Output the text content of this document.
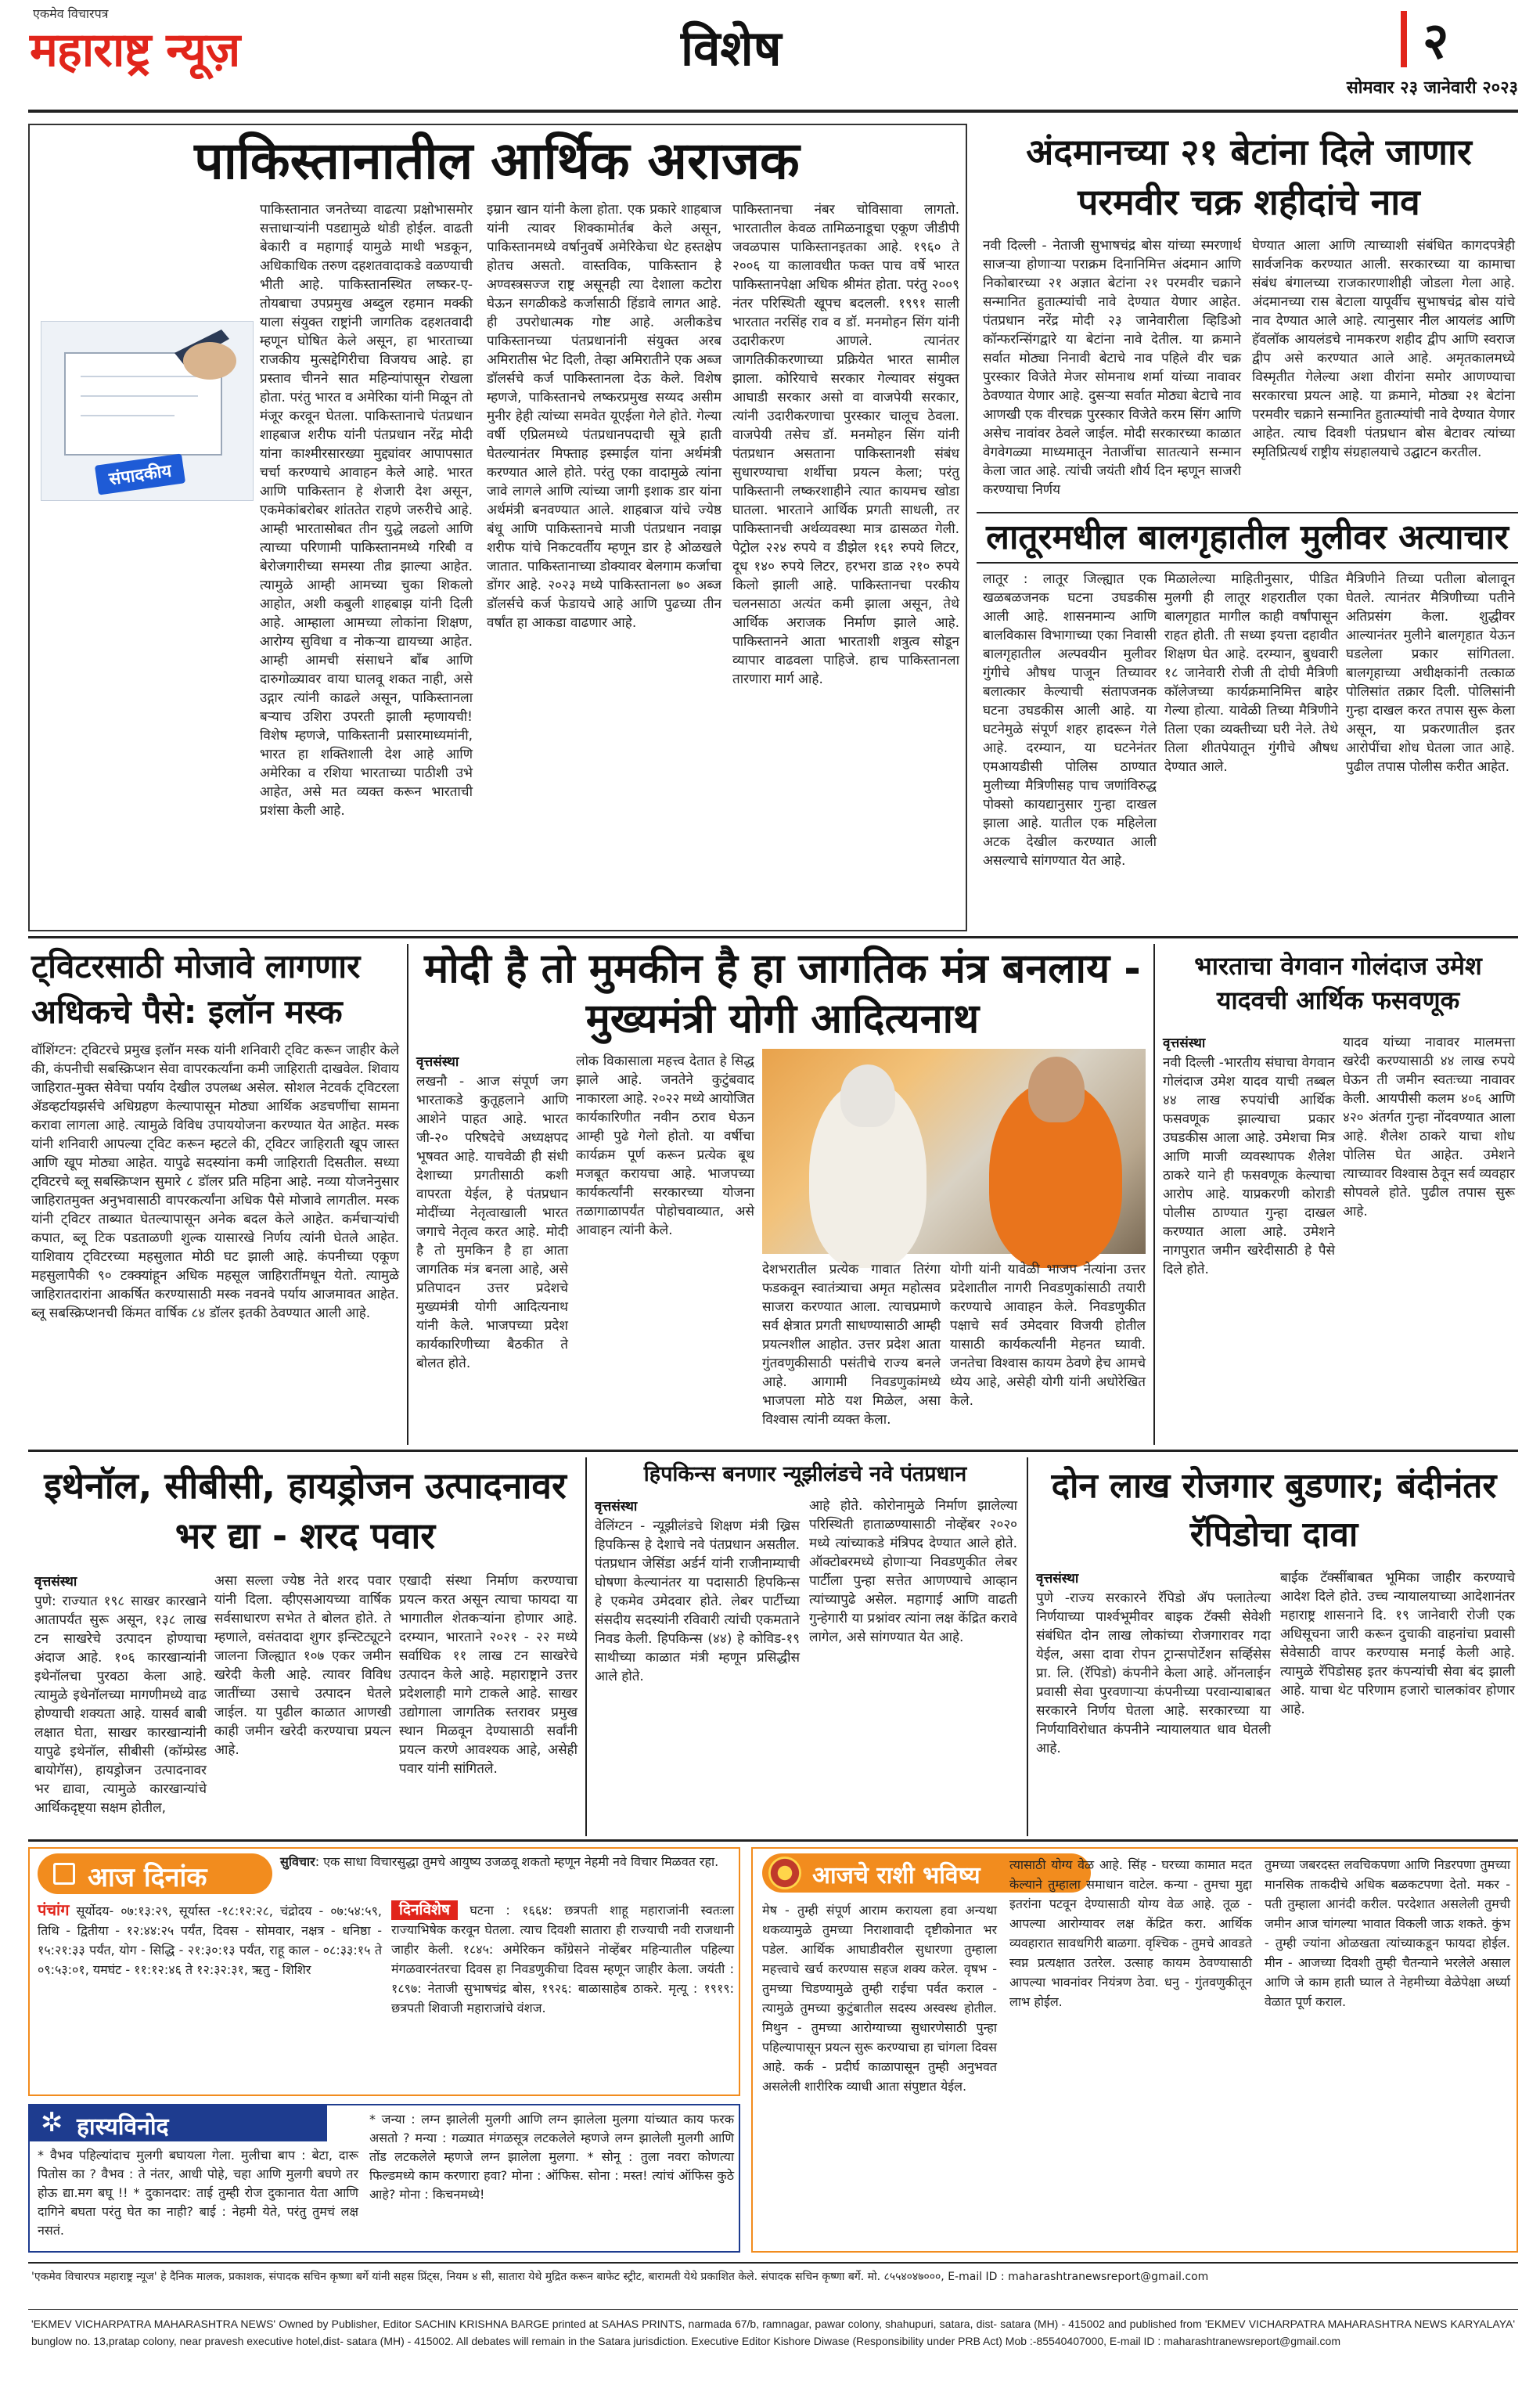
एकमेव विचारपत्र
महाराष्ट्र न्यूज़	विशेष	२
सोमवार २३ जानेवारी २०२३
पाकिस्तानातील आर्थिक अराजक
संपादकीय
पाकिस्तानात जनतेच्या वाढत्या प्रक्षोभासमोर सत्ताधाऱ्यांनी पडद्यामुळे थोडी होईल. वाढती बेकारी व महागाई यामुळे माथी भडकून, अधिकाधिक तरुण दहशतवादाकडे वळण्याची भीती आहे. पाकिस्तानस्थित लष्कर-ए-तोयबाचा उपप्रमुख अब्दुल रहमान मक्की याला संयुक्त राष्ट्रांनी जागतिक दहशतवादी म्हणून घोषित केले असून, हा भारताच्या राजकीय मुत्सद्देगिरीचा विजयच आहे. हा प्रस्ताव चीनने सात महिन्यांपासून रोखला होता. परंतु भारत व अमेरिका यांनी मिळून तो मंजूर करवून घेतला. पाकिस्तानाचे पंतप्रधान शाहबाज शरीफ यांनी पंतप्रधान नरेंद्र मोदी यांना काश्मीरसारख्या मुद्द्यांवर आपापसात चर्चा करण्याचे आवाहन केले आहे. भारत आणि पाकिस्तान हे शेजारी देश असून, एकमेकांबरोबर शांततेत राहणे जरुरीचे आहे. आम्ही भारतासोबत तीन युद्धे लढलो आणि त्याच्या परिणामी पाकिस्तानमध्ये गरिबी व बेरोजगारीच्या समस्या तीव्र झाल्या आहेत. त्यामुळे आम्ही आमच्या चुका शिकलो आहोत, अशी कबुली शाहबाझ यांनी दिली आहे. आम्हाला आमच्या लोकांना शिक्षण, आरोग्य सुविधा व नोकऱ्या द्यायच्या आहेत. आम्ही आमची संसाधने बॉंब आणि दारुगोळ्यावर वाया घालवू शकत नाही, असे उद्गार त्यांनी काढले असून, पाकिस्तानला बऱ्याच उशिरा उपरती झाली म्हणायची! विशेष म्हणजे, पाकिस्तानी प्रसारमाध्यमांनी, भारत हा शक्तिशाली देश आहे आणि अमेरिका व रशिया भारताच्या पाठीशी उभे आहेत, असे मत व्यक्त करून भारताची प्रशंसा केली आहे.
इम्रान खान यांनी केला होता. एक प्रकारे शाहबाज यांनी त्यावर शिक्कामोर्तब केले असून, पाकिस्तानमध्ये वर्षानुवर्षे अमेरिकेचा थेट हस्तक्षेप होतच असतो. वास्तविक, पाकिस्तान हे अण्वस्त्रसज्ज राष्ट्र असूनही त्या देशाला कटोरा घेऊन सगळीकडे कर्जासाठी हिंडावे लागत आहे. ही उपरोधात्मक गोष्ट आहे. अलीकडेच पाकिस्तानच्या पंतप्रधानांनी संयुक्त अरब अमिरातीस भेट दिली, तेव्हा अमिरातीने एक अब्ज डॉलर्सचे कर्ज पाकिस्तानला देऊ केले. विशेष म्हणजे, पाकिस्तानचे लष्करप्रमुख सय्यद असीम मुनीर हेही त्यांच्या समवेत यूएईला गेले होते. गेल्या वर्षी एप्रिलमध्ये पंतप्रधानपदाची सूत्रे हाती घेतल्यानंतर मिफ्ताह इस्माईल यांना अर्थमंत्री करण्यात आले होते. परंतु एका वादामुळे त्यांना जावे लागले आणि त्यांच्या जागी इशाक डार यांना अर्थमंत्री बनवण्यात आले. शाहबाज यांचे ज्येष्ठ बंधू आणि पाकिस्तानचे माजी पंतप्रधान नवाझ शरीफ यांचे निकटवर्तीय म्हणून डार हे ओळखले जातात. पाकिस्तानाच्या डोक्यावर बेलगाम कर्जाचा डोंगर आहे. २०२३ मध्ये पाकिस्तानला ७० अब्ज डॉलर्सचे कर्ज फेडायचे आहे आणि पुढच्या तीन वर्षांत हा आकडा वाढणार आहे.
पाकिस्तानचा नंबर चोविसावा लागतो. भारतातील केवळ तामिळनाडूचा एकूण जीडीपी जवळपास पाकिस्तानइतका आहे. १९६० ते २००६ या कालावधीत फक्त पाच वर्षे भारत पाकिस्तानपेक्षा अधिक श्रीमंत होता. परंतु २००९ नंतर परिस्थिती खूपच बदलली. १९९१ साली भारतात नरसिंह राव व डॉ. मनमोहन सिंग यांनी उदारीकरण आणले. त्यानंतर जागतिकीकरणाच्या प्रक्रियेत भारत सामील झाला. कोरियाचे सरकार गेल्यावर संयुक्त आघाडी सरकार असो वा वाजपेयी सरकार, त्यांनी उदारीकरणाचा पुरस्कार चालूच ठेवला. वाजपेयी तसेच डॉ. मनमोहन सिंग यांनी पंतप्रधान असताना पाकिस्तानशी संबंध सुधारण्याचा शर्थीचा प्रयत्न केला; परंतु पाकिस्तानी लष्करशाहीने त्यात कायमच खोडा घातला. भारताने आर्थिक प्रगती साधली, तर पाकिस्तानची अर्थव्यवस्था मात्र ढासळत गेली. पेट्रोल २२४ रुपये व डीझेल १६१ रुपये लिटर, दूध १४० रुपये लिटर, हरभरा डाळ २१० रुपये किलो झाली आहे. पाकिस्तानचा परकीय चलनसाठा अत्यंत कमी झाला असून, तेथे आर्थिक अराजक निर्माण झाले आहे. पाकिस्तानने आता भारताशी शत्रुत्व सोडून व्यापार वाढवला पाहिजे. हाच पाकिस्तानला तारणारा मार्ग आहे.
अंदमानच्या २१ बेटांना दिले जाणार परमवीर चक्र शहीदांचे नाव
नवी दिल्ली - नेताजी सुभाषचंद्र बोस यांच्या स्मरणार्थ साजऱ्या होणाऱ्या पराक्रम दिनानिमित्त अंदमान आणि निकोबारच्या २१ अज्ञात बेटांना २१ परमवीर चक्राने सन्मानित हुतात्म्यांची नावे देण्यात येणार आहेत. पंतप्रधान नरेंद्र मोदी २३ जानेवारीला व्हिडिओ कॉन्फरन्सिंगद्वारे या बेटांना नावे देतील. या क्रमाने सर्वात मोठ्या निनावी बेटाचे नाव पहिले वीर चक्र पुरस्कार विजेते मेजर सोमनाथ शर्मा यांच्या नावावर ठेवण्यात येणार आहे. दुसऱ्या सर्वात मोठ्या बेटाचे नाव आणखी एक वीरचक्र पुरस्कार विजेते करम सिंग आणि असेच नावांवर ठेवले जाईल. मोदी सरकारच्या काळात वेगवेगळ्या माध्यमातून नेताजींचा सातत्याने सन्मान केला जात आहे. त्यांची जयंती शौर्य दिन म्हणून साजरी करण्याचा निर्णय
घेण्यात आला आणि त्याच्याशी संबंधित कागदपत्रेही सार्वजनिक करण्यात आली. सरकारच्या या कामाचा संबंध बंगालच्या राजकारणाशीही जोडला गेला आहे. अंदमानच्या रास बेटाला यापूर्वीच सुभाषचंद्र बोस यांचे नाव देण्यात आले आहे. त्यानुसार नील आयलंड आणि हॅवलॉक आयलंडचे नामकरण शहीद द्वीप आणि स्वराज द्वीप असे करण्यात आले आहे. अमृतकालमध्ये विस्मृतीत गेलेल्या अशा वीरांना समोर आणण्याचा सरकारचा प्रयत्न आहे. या क्रमाने, मोठ्या २१ बेटांना परमवीर चक्राने सन्मानित हुतात्म्यांची नावे देण्यात येणार आहेत. त्याच दिवशी पंतप्रधान बोस बेटावर त्यांच्या स्मृतिप्रित्यर्थ राष्ट्रीय संग्रहालयाचे उद्घाटन करतील.
लातूरमधील बालगृहातील मुलीवर अत्याचार
लातूर : लातूर जिल्ह्यात एक खळबळजनक घटना उघडकीस आली आहे. शासनमान्य आणि बालविकास विभागाच्या एका निवासी बालगृहातील अल्पवयीन मुलीवर गुंगीचे औषध पाजून तिच्यावर बलात्कार केल्याची संतापजनक घटना उघडकीस आली आहे. या घटनेमुळे संपूर्ण शहर हादरून गेले आहे. दरम्यान, या घटनेनंतर एमआयडीसी पोलिस ठाण्यात मुलीच्या मैत्रिणीसह पाच जणांविरुद्ध पोक्सो कायद्यानुसार गुन्हा दाखल झाला आहे. यातील एक महिलेला अटक देखील करण्यात आली असल्याचे सांगण्यात येत आहे.
मिळालेल्या माहितीनुसार, पीडित मुलगी ही लातूर शहरातील एका बालगृहात मागील काही वर्षांपासून राहत होती. ती सध्या इयत्ता दहावीत शिक्षण घेत आहे. दरम्यान, बुधवारी १८ जानेवारी रोजी ती दोघी मैत्रिणी कॉलेजच्या कार्यक्रमानिमित्त बाहेर गेल्या होत्या. यावेळी तिच्या मैत्रिणीने तिला एका व्यक्तीच्या घरी नेले. तेथे तिला शीतपेयातून गुंगीचे औषध देण्यात आले.
मैत्रिणीने तिच्या पतीला बोलावून घेतले. त्यानंतर मैत्रिणीच्या पतीने अतिप्रसंग केला. शुद्धीवर आल्यानंतर मुलीने बालगृहात येऊन घडलेला प्रकार सांगितला. बालगृहाच्या अधीक्षकांनी तत्काळ पोलिसांत तक्रार दिली. पोलिसांनी गुन्हा दाखल करत तपास सुरू केला असून, या प्रकरणातील इतर आरोपींचा शोध घेतला जात आहे. पुढील तपास पोलीस करीत आहेत.
ट्विटरसाठी मोजावे लागणार अधिकचे पैसे: इलॉन मस्क
वॉशिंग्टन: ट्विटरचे प्रमुख इलॉन मस्क यांनी शनिवारी ट्विट करून जाहीर केले की, कंपनीची सबस्क्रिप्शन सेवा वापरकर्त्यांना कमी जाहिराती दाखवेल. शिवाय जाहिरात-मुक्त सेवेचा पर्याय देखील उपलब्ध असेल. सोशल नेटवर्क ट्विटरला ॲडव्हर्टायझर्सचे अधिग्रहण केल्यापासून मोठ्या आर्थिक अडचणींचा सामना करावा लागला आहे. त्यामुळे विविध उपाययोजना करण्यात येत आहेत. मस्क यांनी शनिवारी आपल्या ट्विट करून म्हटले की, ट्विटर जाहिराती खूप जास्त आणि खूप मोठ्या आहेत. यापुढे सदस्यांना कमी जाहिराती दिसतील. सध्या ट्विटरचे ब्लू सबस्क्रिप्शन सुमारे ८ डॉलर प्रति महिना आहे. नव्या योजनेनुसार जाहिरातमुक्त अनुभवासाठी वापरकर्त्यांना अधिक पैसे मोजावे लागतील. मस्क यांनी ट्विटर ताब्यात घेतल्यापासून अनेक बदल केले आहेत. कर्मचाऱ्यांची कपात, ब्लू टिक पडताळणी शुल्क यासारखे निर्णय त्यांनी घेतले आहेत. याशिवाय ट्विटरच्या महसुलात मोठी घट झाली आहे. कंपनीच्या एकूण महसुलापैकी ९० टक्क्यांहून अधिक महसूल जाहिरातींमधून येतो. त्यामुळे जाहिरातदारांना आकर्षित करण्यासाठी मस्क नवनवे पर्याय आजमावत आहेत. ब्लू सबस्क्रिप्शनची किंमत वार्षिक ८४ डॉलर इतकी ठेवण्यात आली आहे.
मोदी है तो मुमकीन है हा जागतिक मंत्र बनलाय - मुख्यमंत्री योगी आदित्यनाथ
वृत्तसंस्था
लखनौ - आज संपूर्ण जग भारताकडे कुतूहलाने आणि आशेने पाहत आहे. भारत जी-२० परिषदेचे अध्यक्षपद भूषवत आहे. याचवेळी ही संधी देशाच्या प्रगतीसाठी कशी वापरता येईल, हे पंतप्रधान मोदींच्या नेतृत्वाखाली भारत जगाचे नेतृत्व करत आहे. मोदी है तो मुमकिन है हा आता जागतिक मंत्र बनला आहे, असे प्रतिपादन उत्तर प्रदेशचे मुख्यमंत्री योगी आदित्यनाथ यांनी केले. भाजपच्या प्रदेश कार्यकारिणीच्या बैठकीत ते बोलत होते.
लोक विकासाला महत्त्व देतात हे सिद्ध झाले आहे. जनतेने कुटुंबवाद नाकारला आहे. २०२२ मध्ये आयोजित कार्यकारिणीत नवीन ठराव घेऊन आम्ही पुढे गेलो होतो. या वर्षीचा कार्यक्रम पूर्ण करून प्रत्येक बूथ मजबूत करायचा आहे. भाजपच्या कार्यकर्त्यांनी सरकारच्या योजना तळागाळापर्यंत पोहोचवाव्यात, असे आवाहन त्यांनी केले.
देशभरातील प्रत्येक गावात तिरंगा फडकवून स्वातंत्र्याचा अमृत महोत्सव साजरा करण्यात आला. त्याचप्रमाणे सर्व क्षेत्रात प्रगती साधण्यासाठी आम्ही प्रयत्नशील आहोत. उत्तर प्रदेश आता गुंतवणुकीसाठी पसंतीचे राज्य बनले आहे. आगामी निवडणुकांमध्ये भाजपला मोठे यश मिळेल, असा विश्वास त्यांनी व्यक्त केला.
योगी यांनी यावेळी भाजप नेत्यांना उत्तर प्रदेशातील नागरी निवडणुकांसाठी तयारी करण्याचे आवाहन केले. निवडणुकीत पक्षाचे सर्व उमेदवार विजयी होतील यासाठी कार्यकर्त्यांनी मेहनत घ्यावी. जनतेचा विश्वास कायम ठेवणे हेच आमचे ध्येय आहे, असेही योगी यांनी अधोरेखित केले.
भारताचा वेगवान गोलंदाज उमेश यादवची आर्थिक फसवणूक
वृत्तसंस्था
नवी दिल्ली -भारतीय संघाचा वेगवान गोलंदाज उमेश यादव याची तब्बल ४४ लाख रुपयांची आर्थिक फसवणूक झाल्याचा प्रकार उघडकीस आला आहे. उमेशचा मित्र आणि माजी व्यवस्थापक शैलेश ठाकरे याने ही फसवणूक केल्याचा आरोप आहे. याप्रकरणी कोराडी पोलीस ठाण्यात गुन्हा दाखल करण्यात आला आहे. उमेशने नागपुरात जमीन खरेदीसाठी हे पैसे दिले होते.
यादव यांच्या नावावर मालमत्ता खरेदी करण्यासाठी ४४ लाख रुपये घेऊन ती जमीन स्वतःच्या नावावर केली. आयपीसी कलम ४०६ आणि ४२० अंतर्गत गुन्हा नोंदवण्यात आला आहे. शैलेश ठाकरे याचा शोध पोलिस घेत आहेत. उमेशने त्याच्यावर विश्वास ठेवून सर्व व्यवहार सोपवले होते. पुढील तपास सुरू आहे.
इथेनॉल, सीबीसी, हायड्रोजन उत्पादनावर भर द्या - शरद पवार
वृत्तसंस्था
पुणे: राज्यात १९८ साखर कारखाने आतापर्यंत सुरू असून, १३८ लाख टन साखरेचे उत्पादन होण्याचा अंदाज आहे. १०६ कारखान्यांनी इथेनॉलचा पुरवठा केला आहे. त्यामुळे इथेनॉलच्या मागणीमध्ये वाढ होण्याची शक्यता आहे. यासर्व बाबी लक्षात घेता, साखर कारखान्यांनी यापुढे इथेनॉल, सीबीसी (कॉम्प्रेस्ड बायोगॅस), हायड्रोजन उत्पादनावर भर द्यावा, त्यामुळे कारखान्यांचे आर्थिकदृष्ट्या सक्षम होतील,
असा सल्ला ज्येष्ठ नेते शरद पवार यांनी दिला. व्हीएसआयच्या वार्षिक सर्वसाधारण सभेत ते बोलत होते. ते म्हणाले, वसंतदादा शुगर इन्स्टिट्यूटने जालना जिल्ह्यात १०७ एकर जमीन खरेदी केली आहे. त्यावर विविध जातींच्या उसाचे उत्पादन घेतले जाईल. या पुढील काळात आणखी काही जमीन खरेदी करण्याचा प्रयत्न आहे.
एखादी संस्था निर्माण करण्याचा प्रयत्न करत असून त्याचा फायदा या भागातील शेतकऱ्यांना होणार आहे. दरम्यान, भारताने २०२१ - २२ मध्ये सर्वाधिक ११ लाख टन साखरेचे उत्पादन केले आहे. महाराष्ट्राने उत्तर प्रदेशलाही मागे टाकले आहे. साखर उद्योगाला जागतिक स्तरावर प्रमुख स्थान मिळवून देण्यासाठी सर्वांनी प्रयत्न करणे आवश्यक आहे, असेही पवार यांनी सांगितले.
हिपकिन्स बनणार न्यूझीलंडचे नवे पंतप्रधान
वृत्तसंस्था
वेलिंग्टन - न्यूझीलंडचे शिक्षण मंत्री ख्रिस हिपकिन्स हे देशाचे नवे पंतप्रधान असतील. पंतप्रधान जेसिंडा अर्डर्न यांनी राजीनाम्याची घोषणा केल्यानंतर या पदासाठी हिपकिन्स हे एकमेव उमेदवार होते. लेबर पार्टीच्या संसदीय सदस्यांनी रविवारी त्यांची एकमताने निवड केली. हिपकिन्स (४४) हे कोविड-१९ साथीच्या काळात मंत्री म्हणून प्रसिद्धीस आले होते.
आहे होते. कोरोनामुळे निर्माण झालेल्या परिस्थिती हाताळण्यासाठी नोव्हेंबर २०२० मध्ये त्यांच्याकडे मंत्रिपद देण्यात आले होते. ऑक्टोबरमध्ये होणाऱ्या निवडणुकीत लेबर पार्टीला पुन्हा सत्तेत आणण्याचे आव्हान त्यांच्यापुढे असेल. महागाई आणि वाढती गुन्हेगारी या प्रश्नांवर त्यांना लक्ष केंद्रित करावे लागेल, असे सांगण्यात येत आहे.
दोन लाख रोजगार बुडणार; बंदीनंतर रॅपिडोचा दावा
वृत्तसंस्था
पुणे -राज्य सरकारने रॅपिडो ॲप फ्लातेल्या निर्णयाच्या पार्श्वभूमीवर बाइक टॅक्सी सेवेशी संबंधित दोन लाख लोकांच्या रोजगारावर गदा येईल, असा दावा रोपन ट्रान्सपोर्टेशन सर्व्हिसेस प्रा. लि. (रॅपिडो) कंपनीने केला आहे. ऑनलाईन प्रवासी सेवा पुरवणाऱ्या कंपनीच्या परवान्याबाबत सरकारने निर्णय घेतला आहे. सरकारच्या या निर्णयाविरोधात कंपनीने न्यायालयात धाव घेतली आहे.
बाईक टॅक्सींबाबत भूमिका जाहीर करण्याचे आदेश दिले होते. उच्च न्यायालयाच्या आदेशानंतर महाराष्ट्र शासनाने दि. १९ जानेवारी रोजी एक अधिसूचना जारी करून दुचाकी वाहनांचा प्रवासी सेवेसाठी वापर करण्यास मनाई केली आहे. त्यामुळे रॅपिडोसह इतर कंपन्यांची सेवा बंद झाली आहे. याचा थेट परिणाम हजारो चालकांवर होणार आहे.
आज दिनांक
सुविचार: एक साधा विचारसुद्धा तुमचे आयुष्य उजळवू शकतो म्हणून नेहमी नवे विचार मिळवत रहा.
पंचांग सूर्योदय- ०७:१३:२९, सूर्यास्त -१८:१२:२८, चंद्रोदय - ०७:५४:५९, तिथि - द्वितीया - १२:४४:२५ पर्यंत, दिवस - सोमवार, नक्षत्र - धनिष्ठा - १५:२१:३३ पर्यंत, योग - सिद्धि - २१:३०:१३ पर्यंत, राहू काल - ०८:३३:१५ ते ०९:५३:०१, यमघंट - ११:१२:४६ ते १२:३२:३१, ऋतु - शिशिर
दिनविशेष घटना : १६६४: छत्रपती शाहू महाराजांनी स्वतःला राज्याभिषेक करवून घेतला. त्याच दिवशी सातारा ही राज्याची नवी राजधानी जाहीर केली. १८४५: अमेरिकन काँग्रेसने नोव्हेंबर महिन्यातील पहिल्या मंगळवारनंतरचा दिवस हा निवडणुकीचा दिवस म्हणून जाहीर केला. जयंती : १८९७: नेताजी सुभाषचंद्र बोस, १९२६: बाळासाहेब ठाकरे. मृत्यू : १९१९: छत्रपती शिवाजी महाराजांचे वंशज.
✲ हास्यविनोद
* वैभव पहिल्यांदाच मुलगी बघायला गेला. मुलीचा बाप : बेटा, दारू पितोस का ? वैभव : ते नंतर, आधी पोहे, चहा आणि मुलगी बघणे तर होऊ द्या.मग बघू !! * दुकानदार: ताई तुम्ही रोज दुकानात येता आणि दागिने बघता परंतु घेत का नाही? बाई : नेहमी येते, परंतु तुमचं लक्ष नसतं.
* जन्या : लग्न झालेली मुलगी आणि लग्न झालेला मुलगा यांच्यात काय फरक असतो ? मन्या : गळ्यात मंगळसूत्र लटकलेले म्हणजे लग्न झालेली मुलगी आणि तोंड लटकलेले म्हणजे लग्न झालेला मुलगा. * सोनू : तुला नवरा कोणत्या फिल्डमध्ये काम करणारा हवा? मोना : ऑफिस. सोना : मस्त! त्यांचं ऑफिस कुठे आहे? मोना : किचनमध्ये!
आजचे राशी भविष्य
मेष - तुम्ही संपूर्ण आराम करायला हवा अन्यथा थकव्यामुळे तुमच्या निराशावादी दृष्टीकोनात भर पडेल. आर्थिक आघाडीवरील सुधारणा तुम्हाला महत्त्वाचे खर्च करण्यास सहज शक्य करेल. वृषभ - तुमच्या चिडण्यामुळे तुम्ही राईचा पर्वत कराल - त्यामुळे तुमच्या कुटुंबातील सदस्य अस्वस्थ होतील. मिथुन - तुमच्या आरोग्याच्या सुधारणेसाठी पुन्हा पहिल्यापासून प्रयत्न सुरू करण्याचा हा चांगला दिवस आहे. कर्क - प्रदीर्घ काळापासून तुम्ही अनुभवत असलेली शारीरिक व्याधी आता संपुष्टात येईल.
त्यासाठी योग्य वेळ आहे. सिंह - घरच्या कामात मदत केल्याने तुम्हाला समाधान वाटेल. कन्या - तुमचा मुद्दा इतरांना पटवून देण्यासाठी योग्य वेळ आहे. तूळ - आपल्या आरोग्यावर लक्ष केंद्रित करा. आर्थिक व्यवहारात सावधगिरी बाळगा. वृश्चिक - तुमचे आवडते स्वप्न प्रत्यक्षात उतरेल. उत्साह कायम ठेवण्यासाठी आपल्या भावनांवर नियंत्रण ठेवा. धनु - गुंतवणुकीतून लाभ होईल.
तुमच्या जबरदस्त लवचिकपणा आणि निडरपणा तुमच्या मानसिक ताकदीचे अधिक बळकटपणा देतो. मकर - पती तुम्हाला आनंदी करील. परदेशात असलेली तुमची जमीन आज चांगल्या भावात विकली जाऊ शकते. कुंभ - तुम्ही ज्यांना ओळखता त्यांच्याकडून फायदा होईल. मीन - आजच्या दिवशी तुम्ही चैतन्याने भरलेले असाल आणि जे काम हाती घ्याल ते नेहमीच्या वेळेपेक्षा अर्ध्या वेळात पूर्ण कराल.
'एकमेव विचारपत्र महाराष्ट्र न्यूज' हे दैनिक मालक, प्रकाशक, संपादक सचिन कृष्णा बर्गे यांनी सहस प्रिंट्स, नियम ४ सी, सातारा येथे मुद्रित करून बाफेट स्ट्रीट, बारामती येथे प्रकाशित केले. संपादक सचिन कृष्णा बर्गे. मो. ८५५४०४७०००, E-mail ID : maharashtranewsreport@gmail.com
'EKMEV VICHARPATRA MAHARASHTRA NEWS' Owned by Publisher, Editor SACHIN KRISHNA BARGE printed at SAHAS PRINTS, narmada 67/b, ramnagar, pawar colony, shahupuri, satara, dist- satara (MH) - 415002 and published from 'EKMEV VICHARPATRA MAHARASHTRA NEWS KARYALAYA' bunglow no. 13,pratap colony, near pravesh executive hotel,dist- satara (MH) - 415002. All debates will remain in the Satara jurisdiction. Executive Editor Kishore Diwase (Responsibility under PRB Act) Mob :-85540407000, E-mail ID : maharashtranewsreport@gmail.com
